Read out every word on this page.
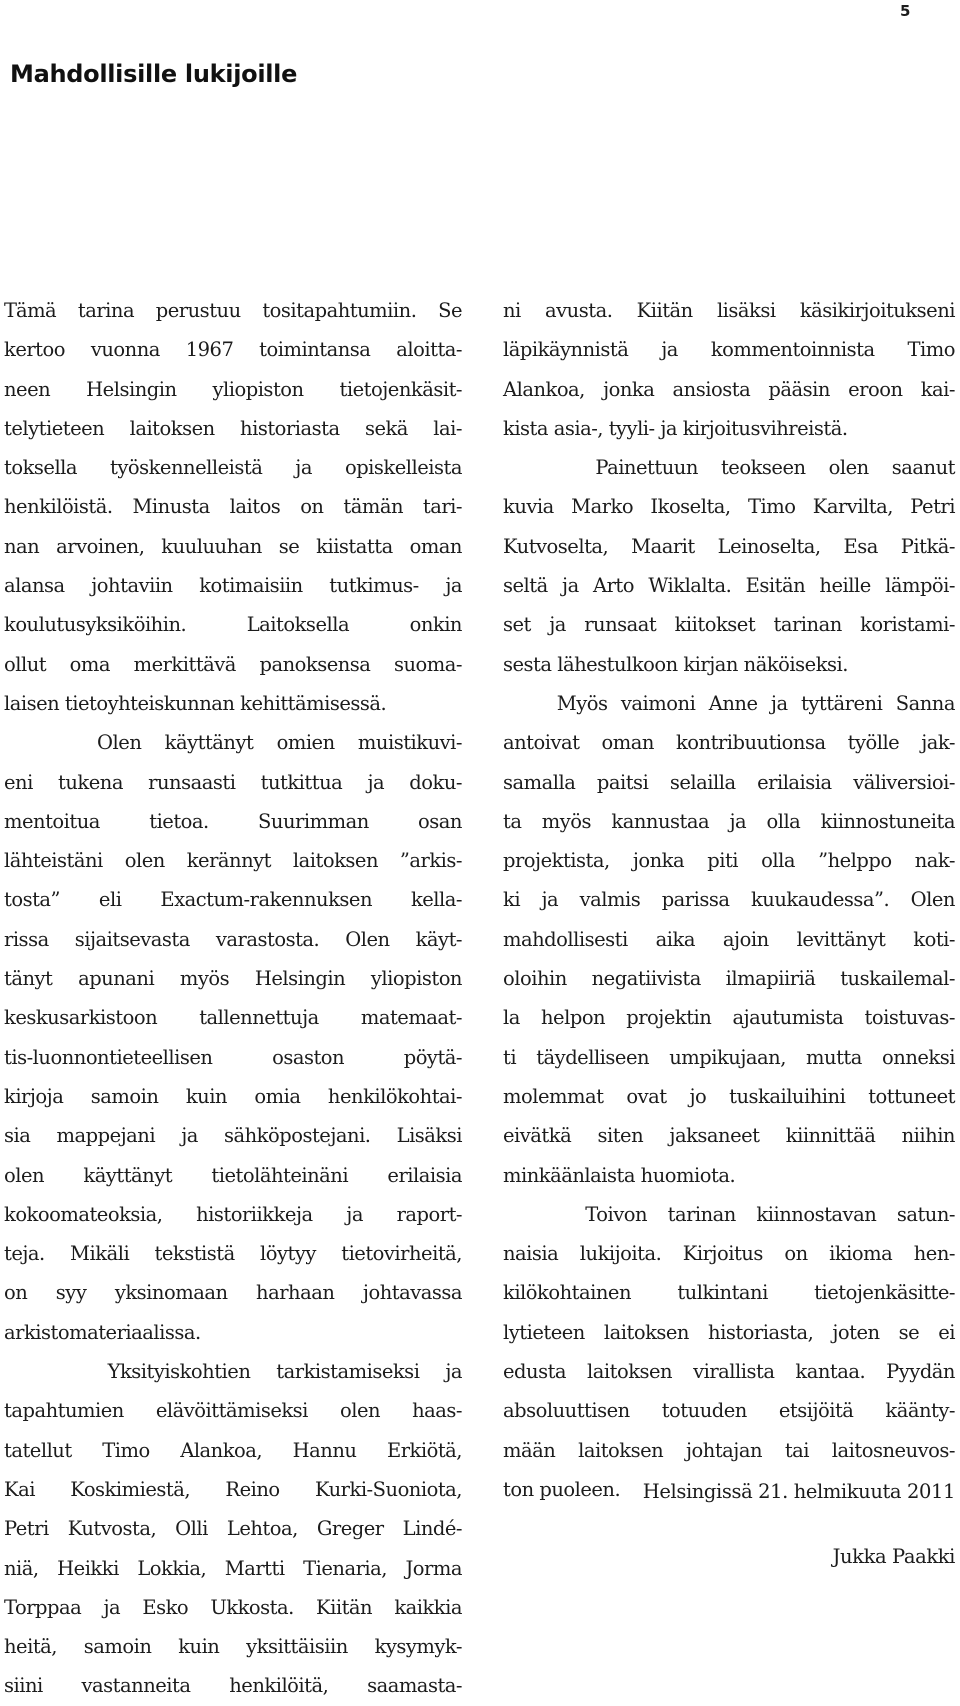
5
Mahdollisille lukijoille
Tämä tarina perustuu tositapahtumiin. Se
kertoo vuonna 1967 toimintansa aloitta-
neen Helsingin yliopiston tietojenkäsit-
telytieteen laitoksen historiasta sekä lai-
toksella työskennelleistä ja opiskelleista
henkilöistä. Minusta laitos on tämän tari-
nan arvoinen, kuuluuhan se kiistatta oman
alansa johtaviin kotimaisiin tutkimus- ja
koulutusyksiköihin. Laitoksella onkin
ollut oma merkittävä panoksensa suoma-
laisen tietoyhteiskunnan kehittämisessä.
Olen käyttänyt omien muistikuvi-
eni tukena runsaasti tutkittua ja doku-
mentoitua tietoa. Suurimman osan
lähteistäni olen kerännyt laitoksen ”arkis-
tosta” eli Exactum-rakennuksen kella-
rissa sijaitsevasta varastosta. Olen käyt-
tänyt apunani myös Helsingin yliopiston
keskusarkistoon tallennettuja matemaat-
tis-luonnontieteellisen osaston pöytä-
kirjoja samoin kuin omia henkilökohtai-
sia mappejani ja sähköpostejani. Lisäksi
olen käyttänyt tietolähteinäni erilaisia
kokoomateoksia, historiikkeja ja raport-
teja. Mikäli tekstistä löytyy tietovirheitä,
on syy yksinomaan harhaan johtavassa
arkistomateriaalissa.
Yksityiskohtien tarkistamiseksi ja
tapahtumien elävöittämiseksi olen haas-
tatellut Timo Alankoa, Hannu Erkiötä,
Kai Koskimiestä, Reino Kurki-Suoniota,
Petri Kutvosta, Olli Lehtoa, Greger Lindé-
niä, Heikki Lokkia, Martti Tienaria, Jorma
Torppaa ja Esko Ukkosta. Kiitän kaikkia
heitä, samoin kuin yksittäisiin kysymyk-
siini vastanneita henkilöitä, saamasta-
ni avusta. Kiitän lisäksi käsikirjoitukseni
läpikäynnistä ja kommentoinnista Timo
Alankoa, jonka ansiosta pääsin eroon kai-
kista asia-, tyyli- ja kirjoitusvihreistä.
Painettuun teokseen olen saanut
kuvia Marko Ikoselta, Timo Karvilta, Petri
Kutvoselta, Maarit Leinoselta, Esa Pitkä-
seltä ja Arto Wiklalta. Esitän heille lämpöi-
set ja runsaat kiitokset tarinan koristami-
sesta lähestulkoon kirjan näköiseksi.
Myös vaimoni Anne ja tyttäreni Sanna
antoivat oman kontribuutionsa työlle jak-
samalla paitsi selailla erilaisia väliversioi-
ta myös kannustaa ja olla kiinnostuneita
projektista, jonka piti olla ”helppo nak-
ki ja valmis parissa kuukaudessa”. Olen
mahdollisesti aika ajoin levittänyt koti-
oloihin negatiivista ilmapiiriä tuskailemal-
la helpon projektin ajautumista toistuvas-
ti täydelliseen umpikujaan, mutta onneksi
molemmat ovat jo tuskailuihini tottuneet
eivätkä siten jaksaneet kiinnittää niihin
minkäänlaista huomiota.
Toivon tarinan kiinnostavan satun-
naisia lukijoita. Kirjoitus on ikioma hen-
kilökohtainen tulkintani tietojenkäsitte-
lytieteen laitoksen historiasta, joten se ei
edusta laitoksen virallista kantaa. Pyydän
absoluuttisen totuuden etsijöitä käänty-
mään laitoksen johtajan tai laitosneuvos-
ton puoleen.	Helsingissä 21. helmikuuta 2011
Jukka Paakki
